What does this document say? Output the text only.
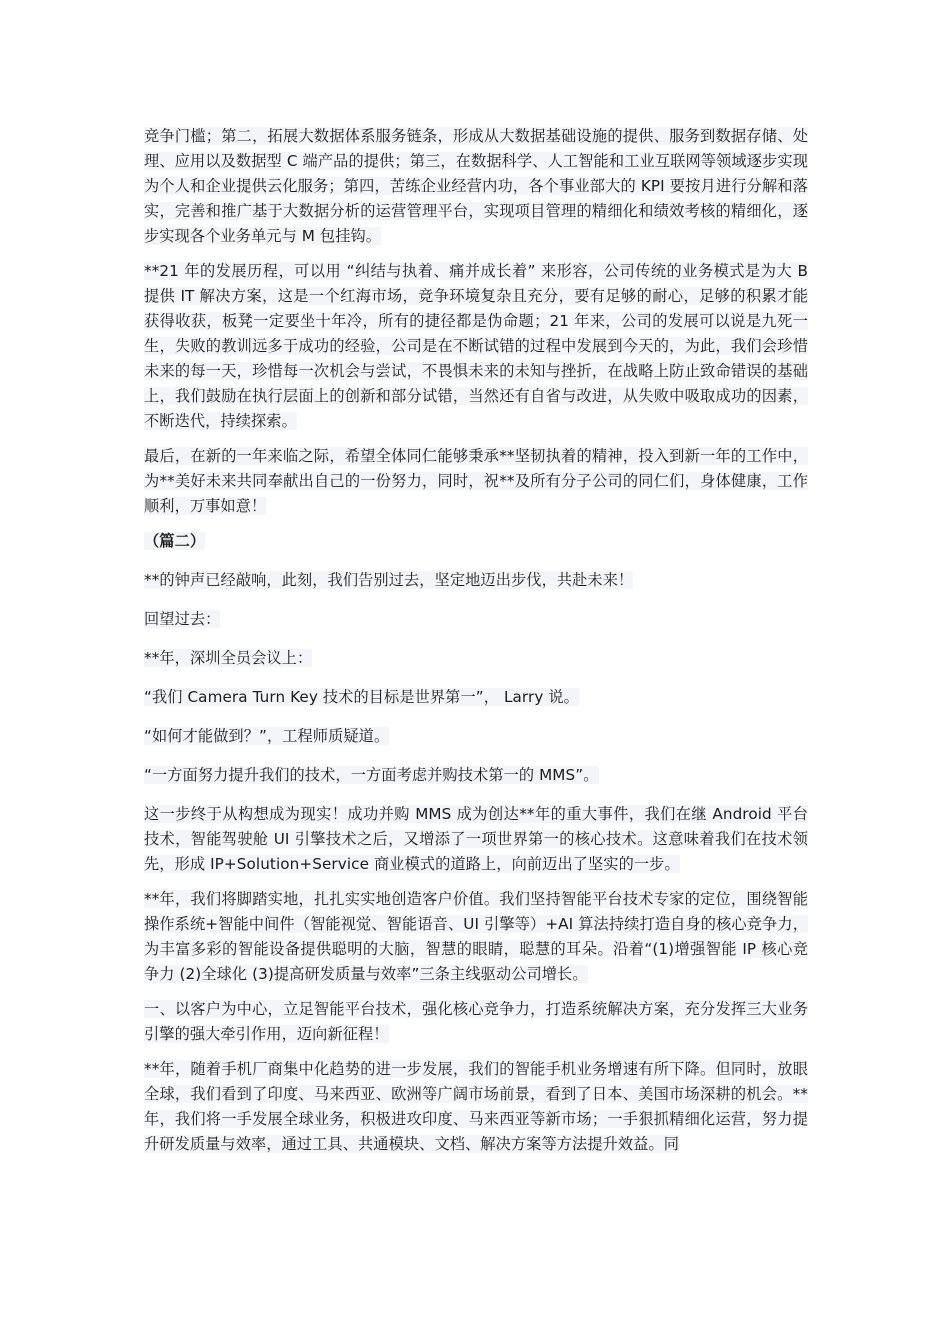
竞争门槛；第二，拓展大数据体系服务链条，形成从大数据基础设施的提供、服务到数据存储、处理、应用以及数据型 C 端产品的提供；第三，在数据科学、人工智能和工业互联网等领域逐步实现为个人和企业提供云化服务；第四，苦练企业经营内功，各个事业部大的 KPI 要按月进行分解和落实，完善和推广基于大数据分析的运营管理平台，实现项目管理的精细化和绩效考核的精细化，逐步实现各个业务单元与 M 包挂钩。

**21 年的发展历程，可以用 “纠结与执着、痛并成长着” 来形容，公司传统的业务模式是为大 B 提供 IT 解决方案，这是一个红海市场，竞争环境复杂且充分，要有足够的耐心，足够的积累才能获得收获，板凳一定要坐十年冷，所有的捷径都是伪命题；21 年来，公司的发展可以说是九死一生，失败的教训远多于成功的经验，公司是在不断试错的过程中发展到今天的，为此，我们会珍惜未来的每一天，珍惜每一次机会与尝试，不畏惧未来的未知与挫折，在战略上防止致命错误的基础上，我们鼓励在执行层面上的创新和部分试错，当然还有自省与改进，从失败中吸取成功的因素，不断迭代，持续探索。

最后，在新的一年来临之际，希望全体同仁能够秉承**坚韧执着的精神，投入到新一年的工作中，为**美好未来共同奉献出自己的一份努力，同时，祝**及所有分子公司的同仁们，身体健康，工作顺利，万事如意！

（篇二）

**的钟声已经敲响，此刻，我们告别过去，坚定地迈出步伐，共赴未来！

回望过去：

**年，深圳全员会议上：

“我们 Camera Turn Key 技术的目标是世界第一”， Larry 说。

“如何才能做到？”，工程师质疑道。

“一方面努力提升我们的技术，一方面考虑并购技术第一的 MMS”。

这一步终于从构想成为现实！成功并购 MMS 成为创达**年的重大事件，我们在继 Android 平台技术，智能驾驶舱 UI 引擎技术之后，又增添了一项世界第一的核心技术。这意味着我们在技术领先，形成 IP+Solution+Service 商业模式的道路上，向前迈出了坚实的一步。

**年，我们将脚踏实地，扎扎实实地创造客户价值。我们坚持智能平台技术专家的定位，围绕智能操作系统+智能中间件（智能视觉、智能语音、UI 引擎等）+AI 算法持续打造自身的核心竞争力，为丰富多彩的智能设备提供聪明的大脑，智慧的眼睛，聪慧的耳朵。沿着“(1)增强智能 IP 核心竞争力 (2)全球化 (3)提高研发质量与效率”三条主线驱动公司增长。

一、以客户为中心，立足智能平台技术，强化核心竞争力，打造系统解决方案，充分发挥三大业务引擎的强大牵引作用，迈向新征程！

**年，随着手机厂商集中化趋势的进一步发展，我们的智能手机业务增速有所下降。但同时，放眼全球，我们看到了印度、马来西亚、欧洲等广阔市场前景，看到了日本、美国市场深耕的机会。**年，我们将一手发展全球业务，积极进攻印度、马来西亚等新市场；一手狠抓精细化运营，努力提升研发质量与效率，通过工具、共通模块、文档、解决方案等方法提升效益。同
